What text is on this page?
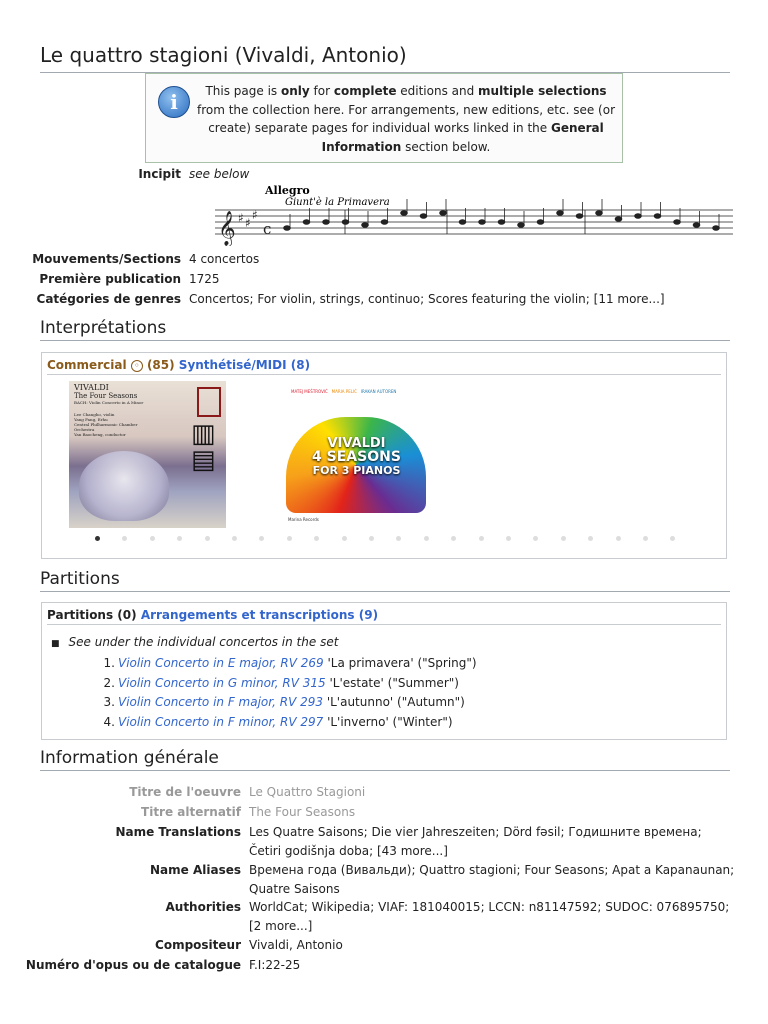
Le quattro stagioni (Vivaldi, Antonio)
i	This page is only for complete editions and multiple selections from the collection here. For arrangements, new editions, etc. see (or create) separate pages for individual works linked in the General Information section below.
Incipit see below
Allegro
Giunt'è la Primavera
𝄞 ♯ ♯
♯
c
Mouvements/Sections 4 concertos
Première publication 1725
Catégories de genres Concertos; For violin, strings, continuo; Scores featuring the violin; [11 more...]
Interprétations
Commercial ◦ (85) Synthétisé/MIDI (8)
VIVALDI
The Four Seasons
BACH: Violin Concerto in A Minor
Lee Changho, violin
Yang Fang, Erhu
Central Philharmonic Chamber Orchestra
Yan Baocheng, conductor	▥
▤
MATEJ MEŠTROVIĆ MARIA PELIĆ IRAKAN AUTOREN
VIVALDI
4 SEASONS
FOR 3 PIANOS
Marina Records
Partitions
Partitions (0) Arrangements et transcriptions (9)
■ See under the individual concertos in the set
1. Violin Concerto in E major, RV 269 'La primavera' ("Spring")
2. Violin Concerto in G minor, RV 315 'L'estate' ("Summer")
3. Violin Concerto in F major, RV 293 'L'autunno' ("Autumn")
4. Violin Concerto in F minor, RV 297 'L'inverno' ("Winter")
Information générale
Titre de l'oeuvre Le Quattro Stagioni
Titre alternatif The Four Seasons
Name Translations Les Quatre Saisons; Die vier Jahreszeiten; Dörd fəsil; Годишните времена;
Četiri godišnja doba; [43 more...]
Name Aliases Времена года (Вивальди); Quattro stagioni; Four Seasons; Apat a Kapanaunan;
Quatre Saisons
Authorities WorldCat; Wikipedia; VIAF: 181040015; LCCN: n81147592; SUDOC: 076895750;
[2 more...]
Compositeur Vivaldi, Antonio
Numéro d'opus ou de catalogue F.I:22-25
